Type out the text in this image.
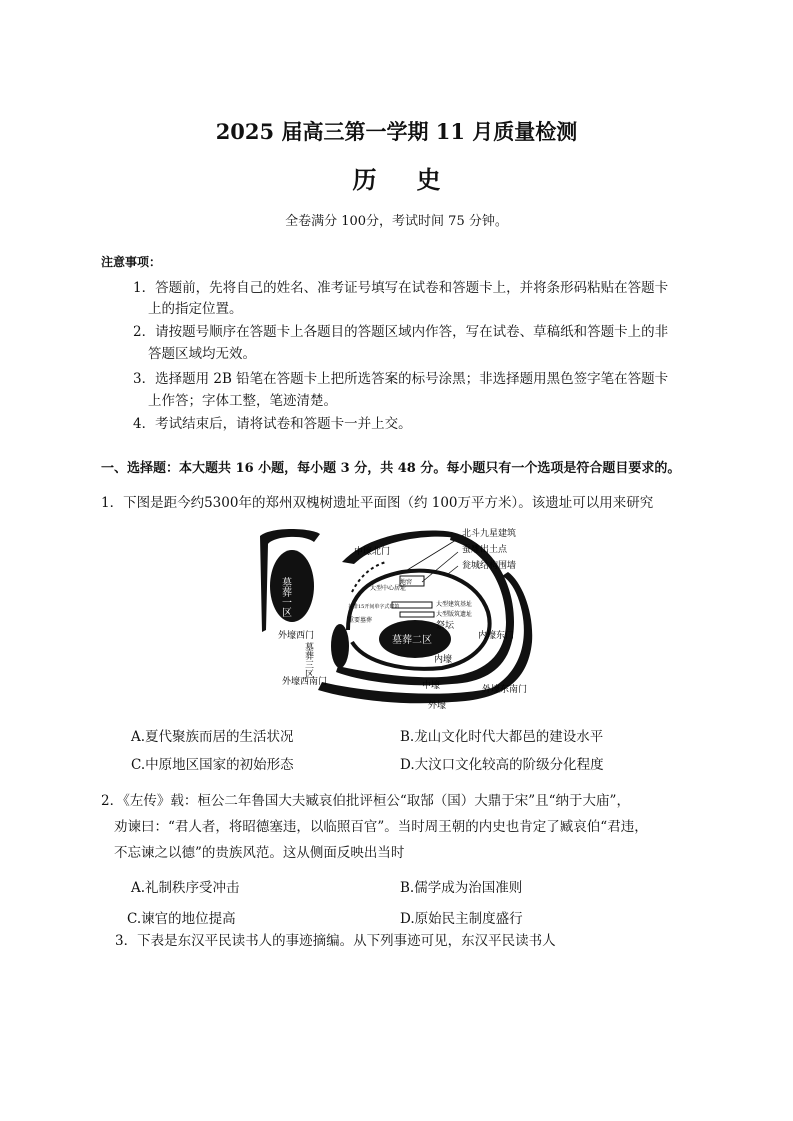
2025 届高三第一学期 11 月质量检测
历史
全卷满分 100分，考试时间 75 分钟。
注意事项：
1．答题前，先将自己的姓名、准考证号填写在试卷和答题卡上，并将条形码粘贴在答题卡
上的指定位置。
2．请按题号顺序在答题卡上各题目的答题区域内作答，写在试卷、草稿纸和答题卡上的非
答题区域均无效。
3．选择题用 2B 铅笔在答题卡上把所选答案的标号涂黑；非选择题用黑色签字笔在答题卡
上作答；字体工整，笔迹清楚。
4．考试结束后，请将试卷和答题卡一并上交。
一、选择题：本大题共 16 小题，每小题 3 分，共 48 分。每小题只有一个选项是符合题目要求的。
1．下图是距今约5300年的郑州双槐树遗址平面图（约 100万平方米）。该遗址可以用来研究
北斗九星建筑
蚕雕出土点
瓮城结构围墙
中壕北门
地窖
大型中心居址
大型建筑基址
大型版筑遗址
并排15开间单字式建筑
重要墓葬
祭坛
墓葬二区
内壕
中壕
外壕
外壕西门
外壕西南门
外壕东南门
内壕东门
墓葬一区
墓葬三区
A.夏代聚族而居的生活状况	B.龙山文化时代大都邑的建设水平
C.中原地区国家的初始形态	D.大汶口文化较高的阶级分化程度
2．《左传》载：桓公二年鲁国大夫臧哀伯批评桓公“取郜（国）大鼎于宋”且“纳于大庙”，
劝谏曰：“君人者，将昭德塞违，以临照百官”。当时周王朝的内史也肯定了臧哀伯“君违，
不忘谏之以德”的贵族风范。这从侧面反映出当时
A.礼制秩序受冲击	B.儒学成为治国准则
C.谏官的地位提高	D.原始民主制度盛行
3．下表是东汉平民读书人的事迹摘编。从下列事迹可见，东汉平民读书人
